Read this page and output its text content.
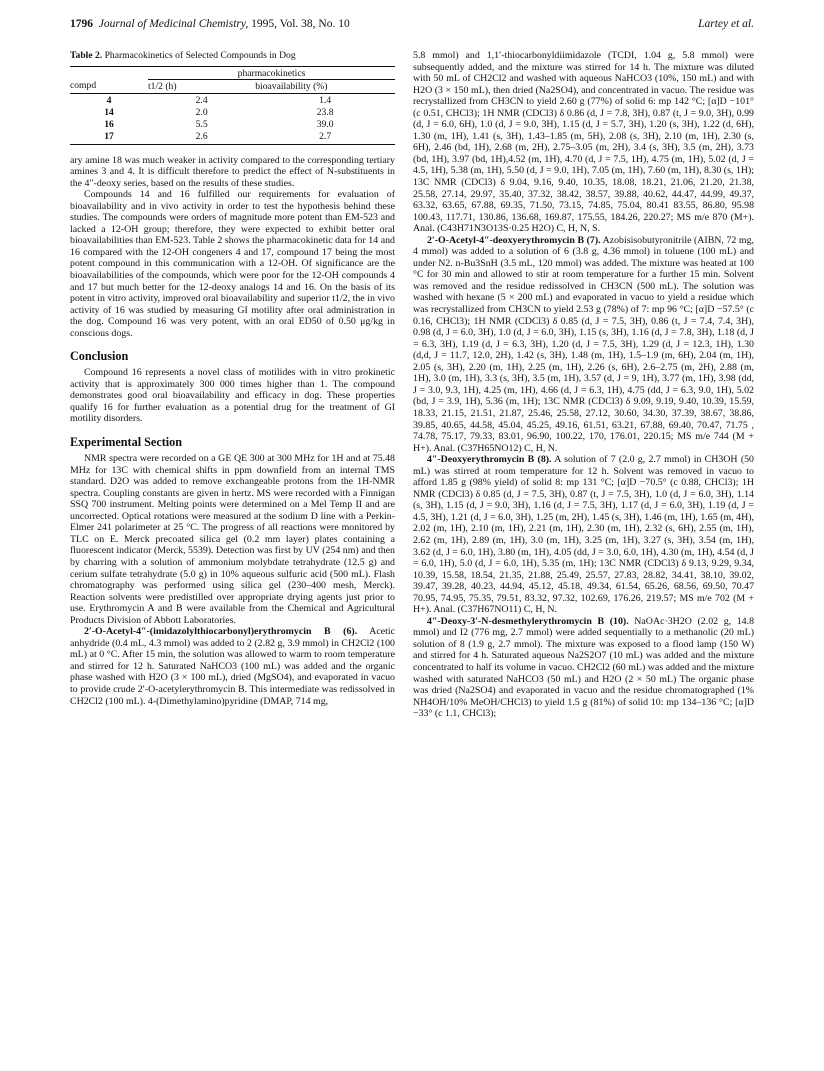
1796 Journal of Medicinal Chemistry, 1995, Vol. 38, No. 10	Lartey et al.
Table 2. Pharmacokinetics of Selected Compounds in Dog

	pharmacokinetics	
compd	t1/2 (h)	bioavailability (%)
4	2.4	1.4
14	2.0	23.8
16	5.5	39.0
17	2.6	2.7

ary amine 18 was much weaker in activity compared to the corresponding tertiary amines 3 and 4. It is difficult therefore to predict the effect of N-substituents in the 4″-deoxy series, based on the results of these studies.

Compounds 14 and 16 fulfilled our requirements for evaluation of bioavailability and in vivo activity in order to test the hypothesis behind these studies. The compounds were orders of magnitude more potent than EM-523 and lacked a 12-OH group; therefore, they were expected to exhibit better oral bioavailabilities than EM-523. Table 2 shows the pharmacokinetic data for 14 and 16 compared with the 12-OH congeners 4 and 17, compound 17 being the most potent compound in this communication with a 12-OH. Of significance are the bioavailabilities of the compounds, which were poor for the 12-OH compounds 4 and 17 but much better for the 12-deoxy analogs 14 and 16. On the basis of its potent in vitro activity, improved oral bioavailability and superior t1/2, the in vivo activity of 16 was studied by measuring GI motility after oral administration in the dog. Compound 16 was very potent, with an oral ED50 of 0.50 μg/kg in conscious dogs.

Conclusion

Compound 16 represents a novel class of motilides with in vitro prokinetic activity that is approximately 300 000 times higher than 1. The compound demonstrates good oral bioavailability and efficacy in dog. These properties qualify 16 for further evaluation as a potential drug for the treatment of GI motility disorders.

Experimental Section

NMR spectra were recorded on a GE QE 300 at 300 MHz for 1H and at 75.48 MHz for 13C with chemical shifts in ppm downfield from an internal TMS standard. D2O was added to remove exchangeable protons from the 1H-NMR spectra. Coupling constants are given in hertz. MS were recorded with a Finnigan SSQ 700 instrument. Melting points were determined on a Mel Temp II and are uncorrected. Optical rotations were measured at the sodium D line with a Perkin-Elmer 241 polarimeter at 25 °C. The progress of all reactions were monitored by TLC on E. Merck precoated silica gel (0.2 mm layer) plates containing a fluorescent indicator (Merck, 5539). Detection was first by UV (254 nm) and then by charring with a solution of ammonium molybdate tetrahydrate (12.5 g) and cerium sulfate tetrahydrate (5.0 g) in 10% aqueous sulfuric acid (500 mL). Flash chromatography was performed using silica gel (230–400 mesh, Merck). Reaction solvents were predistilled over appropriate drying agents just prior to use. Erythromycin A and B were available from the Chemical and Agricultural Products Division of Abbott Laboratories.

2′-O-Acetyl-4″-(imidazolylthiocarbonyl)erythromycin B (6). Acetic anhydride (0.4 mL, 4.3 mmol) was added to 2 (2.82 g, 3.9 mmol) in CH2Cl2 (100 mL) at 0 °C. After 15 min, the solution was allowed to warm to room temperature and stirred for 12 h. Saturated NaHCO3 (100 mL) was added and the organic phase washed with H2O (3 × 100 mL), dried (MgSO4), and evaporated in vacuo to provide crude 2′-O-acetylerythromycin B. This intermediate was redissolved in CH2Cl2 (100 mL). 4-(Dimethylamino)pyridine (DMAP, 714 mg,

5.8 mmol) and 1,1′-thiocarbonyldiimidazole (TCDI, 1.04 g, 5.8 mmol) were subsequently added, and the mixture was stirred for 14 h. The mixture was diluted with 50 mL of CH2Cl2 and washed with aqueous NaHCO3 (10%, 150 mL) and with H2O (3 × 150 mL), then dried (Na2SO4), and concentrated in vacuo. The residue was recrystallized from CH3CN to yield 2.60 g (77%) of solid 6: mp 142 °C; [α]D −101° (c 0.51, CHCl3); 1H NMR (CDCl3) δ 0.86 (d, J = 7.8, 3H), 0.87 (t, J = 9.0, 3H), 0.99 (d, J = 6.0, 6H), 1.0 (d, J = 9.0, 3H), 1.15 (d, J = 5.7, 3H), 1.20 (s, 3H), 1.22 (d, 6H), 1.30 (m, 1H), 1.41 (s, 3H), 1.43–1.85 (m, 5H), 2.08 (s, 3H), 2.10 (m, 1H), 2.30 (s, 6H), 2.46 (bd, 1H), 2.68 (m, 2H), 2.75–3.05 (m, 2H), 3.4 (s, 3H), 3.5 (m, 2H), 3.73 (bd, 1H), 3.97 (bd, 1H),4.52 (m, 1H), 4.70 (d, J = 7.5, 1H), 4.75 (m, 1H), 5.02 (d, J = 4.5, 1H), 5.38 (m, 1H), 5.50 (d, J = 9.0, 1H), 7.05 (m, 1H), 7.60 (m, 1H), 8.30 (s, 1H); 13C NMR (CDCl3) δ 9.04, 9.16, 9.40, 10.35, 18.08, 18.21, 21.06, 21.20, 21.38, 25.58, 27.14, 29.97, 35.40, 37.32, 38.42, 38.57, 39.88, 40.62, 44.47, 44.99, 49.37, 63.32, 63.65, 67.88, 69.35, 71.50, 73.15, 74.85, 75.04, 80.41 83.55, 86.80, 95.98 100.43, 117.71, 130.86, 136.68, 169.87, 175.55, 184.26, 220.27; MS m/e 870 (M+). Anal. (C43H71N3O13S·0.25 H2O) C, H, N, S.

2′-O-Acetyl-4″-deoxyerythromycin B (7). Azobisisobutyronitrile (AIBN, 72 mg, 4 mmol) was added to a solution of 6 (3.8 g, 4.36 mmol) in toluene (100 mL) and under N2. n-Bu3SnH (3.5 mL, 120 mmol) was added. The mixture was heated at 100 °C for 30 min and allowed to stir at room temperature for a further 15 min. Solvent was removed and the residue redissolved in CH3CN (500 mL). The solution was washed with hexane (5 × 200 mL) and evaporated in vacuo to yield a residue which was recrystallized from CH3CN to yield 2.53 g (78%) of 7: mp 96 °C; [α]D −57.5° (c 0.16, CHCl3); 1H NMR (CDCl3) δ 0.85 (d, J = 7.5, 3H), 0.86 (t, J = 7.4, 7.4, 3H), 0.98 (d, J = 6.0, 3H), 1.0 (d, J = 6.0, 3H), 1.15 (s, 3H), 1.16 (d, J = 7.8, 3H), 1.18 (d, J = 6.3, 3H), 1.19 (d, J = 6.3, 3H), 1.20 (d, J = 7.5, 3H), 1.29 (d, J = 12.3, 1H), 1.30 (d,d, J = 11.7, 12.0, 2H), 1.42 (s, 3H), 1.48 (m, 1H), 1.5–1.9 (m, 6H), 2.04 (m, 1H), 2.05 (s, 3H), 2.20 (m, 1H), 2.25 (m, 1H), 2.26 (s, 6H), 2.6–2.75 (m, 2H), 2.88 (m, 1H), 3.0 (m, 1H), 3.3 (s, 3H), 3.5 (m, 1H), 3.57 (d, J = 9, 1H), 3.77 (m, 1H), 3.98 (dd, J = 3.0, 9.3, 1H), 4.25 (m, 1H), 4.66 (d, J = 6.3, 1H), 4.75 (dd, J = 6.3, 9.0, 1H), 5.02 (bd, J = 3.9, 1H), 5.36 (m, 1H); 13C NMR (CDCl3) δ 9.09, 9.19, 9.40, 10.39, 15.59, 18.33, 21.15, 21.51, 21.87, 25.46, 25.58, 27.12, 30.60, 34.30, 37.39, 38.67, 38.86, 39.85, 40.65, 44.58, 45.04, 45.25, 49.16, 61.51, 63.21, 67.88, 69.40, 70.47, 71.75 , 74.78, 75.17, 79.33, 83.01, 96.90, 100.22, 170, 176.01, 220.15; MS m/e 744 (M + H+). Anal. (C37H65NO12) C, H, N.

4″-Deoxyerythromycin B (8). A solution of 7 (2.0 g, 2.7 mmol) in CH3OH (50 mL) was stirred at room temperature for 12 h. Solvent was removed in vacuo to afford 1.85 g (98% yield) of solid 8: mp 131 °C; [α]D −70.5° (c 0.88, CHCl3); 1H NMR (CDCl3) δ 0.85 (d, J = 7.5, 3H), 0.87 (t, J = 7.5, 3H), 1.0 (d, J = 6.0, 3H), 1.14 (s, 3H), 1.15 (d, J = 9.0, 3H), 1.16 (d, J = 7.5, 3H), 1.17 (d, J = 6.0, 3H), 1.19 (d, J = 4.5, 3H), 1.21 (d, J = 6.0, 3H), 1.25 (m, 2H), 1.45 (s, 3H), 1.46 (m, 1H), 1.65 (m, 4H), 2.02 (m, 1H), 2.10 (m, 1H), 2.21 (m, 1H), 2.30 (m, 1H), 2.32 (s, 6H), 2.55 (m, 1H), 2.62 (m, 1H), 2.89 (m, 1H), 3.0 (m, 1H), 3.25 (m, 1H), 3.27 (s, 3H), 3.54 (m, 1H), 3.62 (d, J = 6.0, 1H), 3.80 (m, 1H), 4.05 (dd, J = 3.0, 6.0, 1H), 4.30 (m, 1H), 4.54 (d, J = 6.0, 1H), 5.0 (d, J = 6.0, 1H), 5.35 (m, 1H); 13C NMR (CDCl3) δ 9.13, 9.29, 9.34, 10.39, 15.58, 18.54, 21.35, 21.88, 25.49, 25.57, 27.83, 28.82, 34.41, 38.10, 39.02, 39.47, 39.28, 40.23, 44.94, 45.12, 45.18, 49.34, 61.54, 65.26, 68.56, 69.50, 70.47 70.95, 74.95, 75.35, 79.51, 83.32, 97.32, 102.69, 176.26, 219.57; MS m/e 702 (M + H+). Anal. (C37H67NO11) C, H, N.

4″-Deoxy-3′-N-desmethylerythromycin B (10). NaOAc·3H2O (2.02 g, 14.8 mmol) and I2 (776 mg, 2.7 mmol) were added sequentially to a methanolic (20 mL) solution of 8 (1.9 g, 2.7 mmol). The mixture was exposed to a flood lamp (150 W) and stirred for 4 h. Saturated aqueous Na2S2O7 (10 mL) was added and the mixture concentrated to half its volume in vacuo. CH2Cl2 (60 mL) was added and the mixture washed with saturated NaHCO3 (50 mL) and H2O (2 × 50 mL) The organic phase was dried (Na2SO4) and evaporated in vacuo and the residue chromatographed (1% NH4OH/10% MeOH/CHCl3) to yield 1.5 g (81%) of solid 10: mp 134–136 °C; [α]D −33° (c 1.1, CHCl3);
